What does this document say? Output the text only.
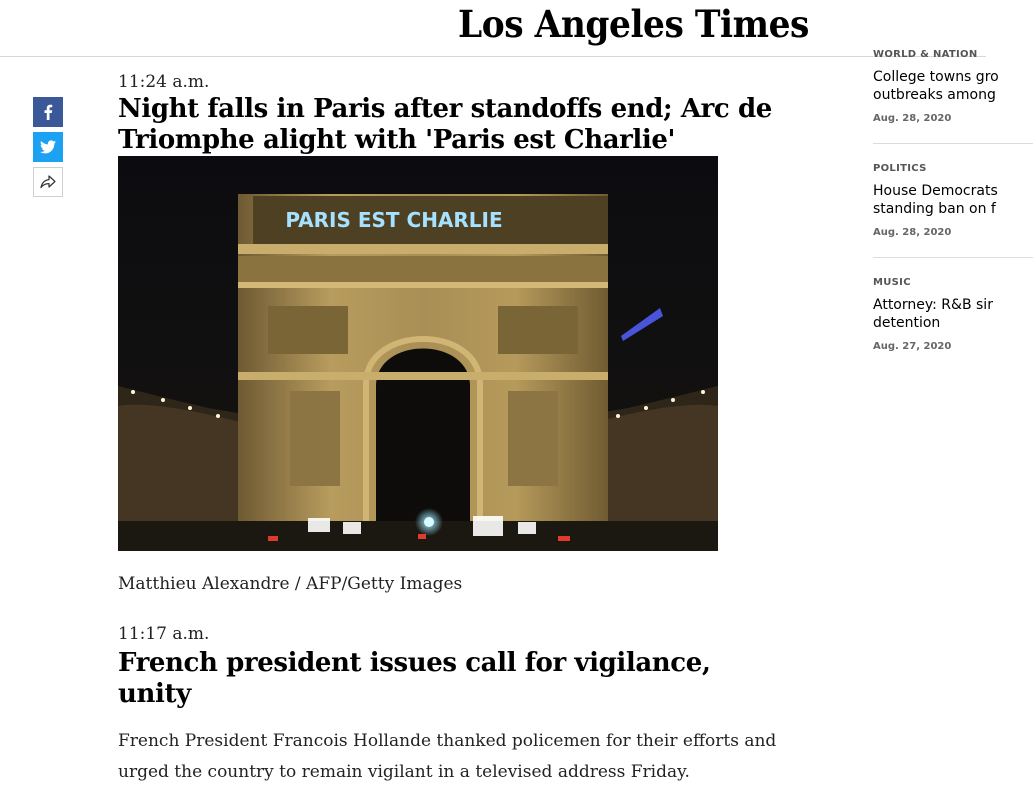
Los Angeles Times
11:24 a.m.
Night falls in Paris after standoffs end; Arc de Triomphe alight with 'Paris est Charlie'
PARIS EST CHARLIE
Matthieu Alexandre / AFP/Getty Images
11:17 a.m.
French president issues call for vigilance, unity

French President Francois Hollande thanked policemen for their efforts and urged the country to remain vigilant in a televised address Friday.

WORLD & NATION
College towns gro
outbreaks among
Aug. 28, 2020
POLITICS
House Democrats
standing ban on f
Aug. 28, 2020
MUSIC
Attorney: R&B sir
detention
Aug. 27, 2020
